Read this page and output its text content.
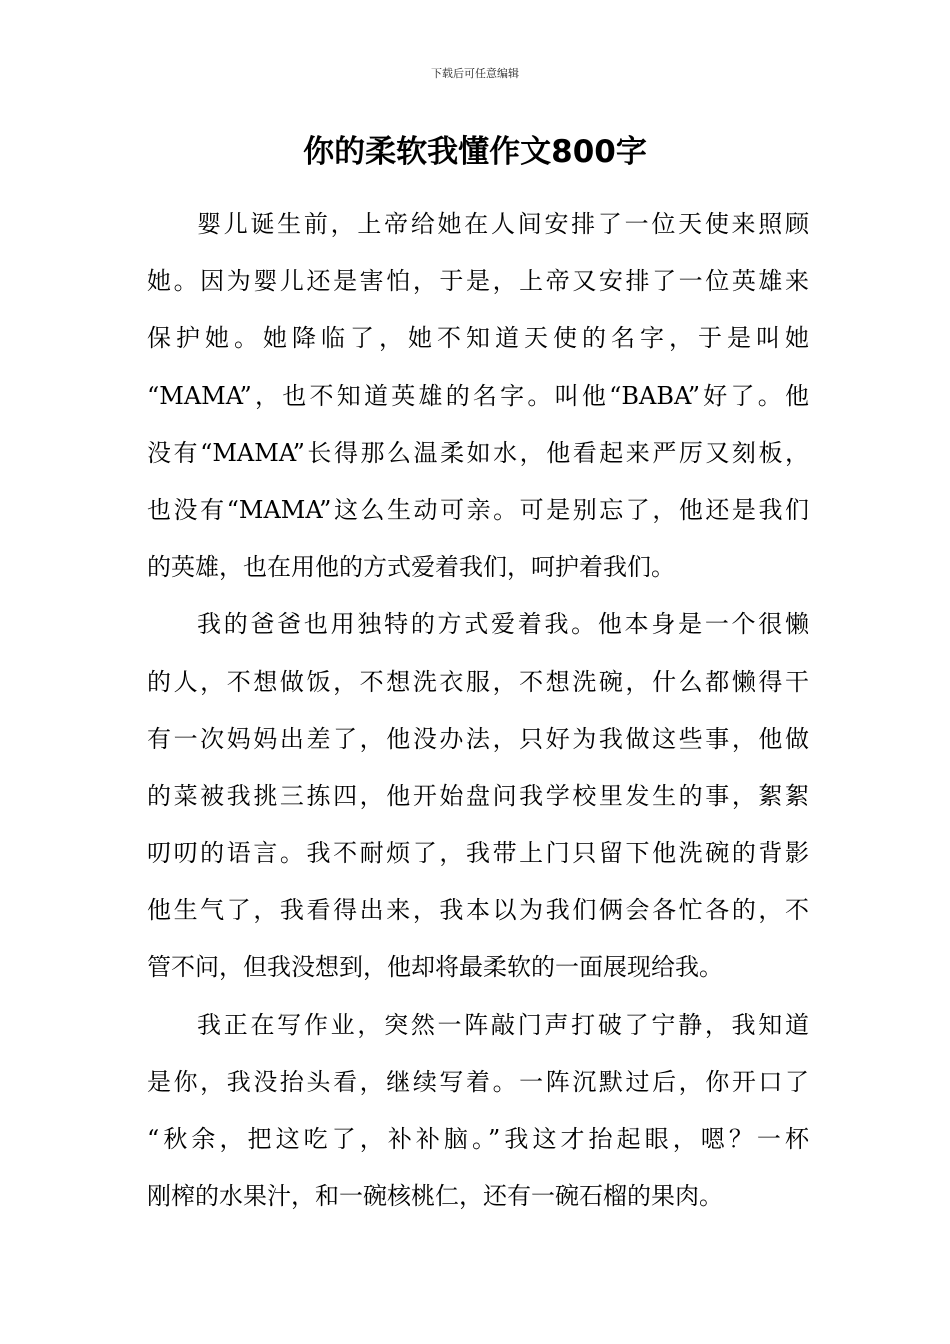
下载后可任意编辑
你的柔软我懂作文800字
婴儿诞生前，上帝给她在人间安排了一位天使来照顾
她。因为婴儿还是害怕，于是，上帝又安排了一位英雄来
保护她。她降临了，她不知道天使的名字，于是叫她
“MAMA”，也不知道英雄的名字。叫他“BABA”好了。他
没有“MAMA”长得那么温柔如水，他看起来严厉又刻板，
也没有“MAMA”这么生动可亲。可是别忘了，他还是我们
的英雄，也在用他的方式爱着我们，呵护着我们。
我的爸爸也用独特的方式爱着我。他本身是一个很懒
的人，不想做饭，不想洗衣服，不想洗碗，什么都懒得干
有一次妈妈出差了，他没办法，只好为我做这些事，他做
的菜被我挑三拣四，他开始盘问我学校里发生的事，絮絮
叨叨的语言。我不耐烦了，我带上门只留下他洗碗的背影
他生气了，我看得出来，我本以为我们俩会各忙各的，不
管不问，但我没想到，他却将最柔软的一面展现给我。
我正在写作业，突然一阵敲门声打破了宁静，我知道
是你，我没抬头看，继续写着。一阵沉默过后，你开口了
“秋余，把这吃了，补补脑。”我这才抬起眼，嗯？一杯
刚榨的水果汁，和一碗核桃仁，还有一碗石榴的果肉。
